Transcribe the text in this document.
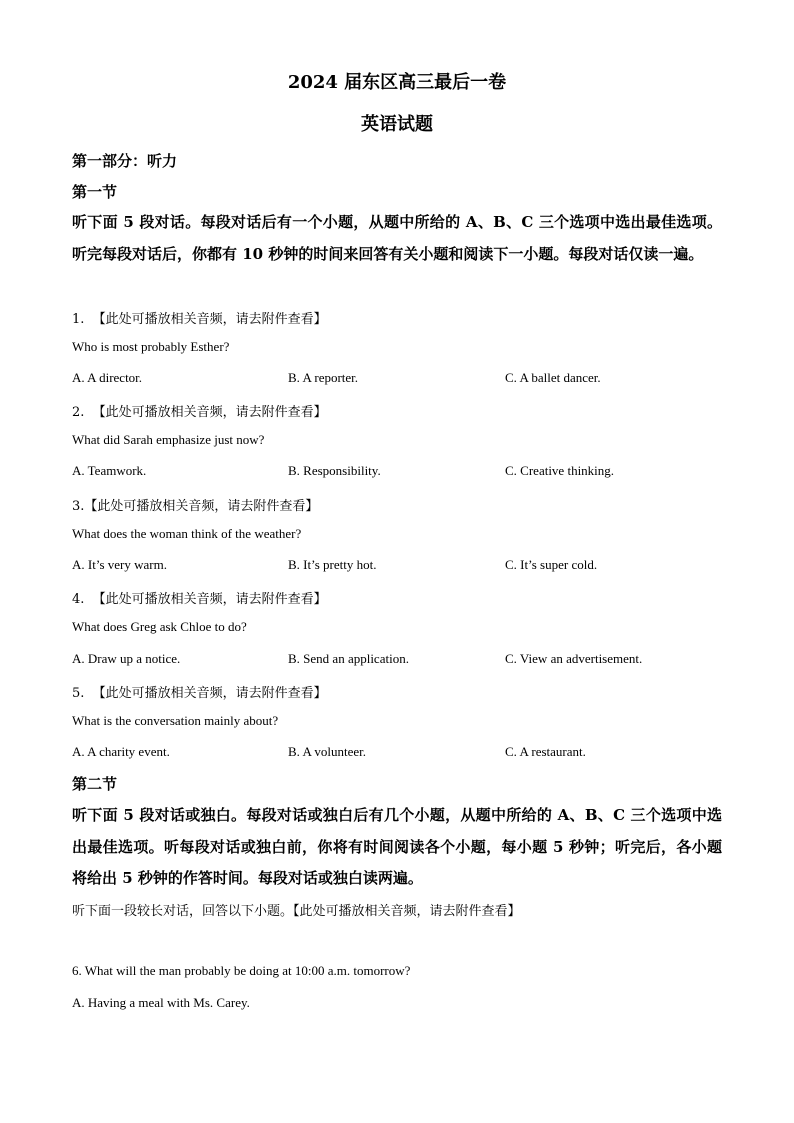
2024 届东区高三最后一卷
英语试题
第一部分：听力
第一节
听下面 5 段对话。每段对话后有一个小题，从题中所给的 A、B、C 三个选项中选出最佳选项。听完每段对话后，你都有 10 秒钟的时间来回答有关小题和阅读下一小题。每段对话仅读一遍。
1. 【此处可播放相关音频，请去附件查看】
Who is most probably Esther?
A. A director.	B. A reporter.	C. A ballet dancer.
2. 【此处可播放相关音频，请去附件查看】
What did Sarah emphasize just now?
A. Teamwork.	B. Responsibility.	C. Creative thinking.
3.【此处可播放相关音频，请去附件查看】
What does the woman think of the weather?
A. It’s very warm.	B. It’s pretty hot.	C. It’s super cold.
4. 【此处可播放相关音频，请去附件查看】
What does Greg ask Chloe to do?
A. Draw up a notice.	B. Send an application.	C. View an advertisement.
5. 【此处可播放相关音频，请去附件查看】
What is the conversation mainly about?
A. A charity event.	B. A volunteer.	C. A restaurant.
第二节
听下面 5 段对话或独白。每段对话或独白后有几个小题，从题中所给的 A、B、C 三个选项中选出最佳选项。听每段对话或独白前，你将有时间阅读各个小题，每小题 5 秒钟；听完后，各小题将给出 5 秒钟的作答时间。每段对话或独白读两遍。
听下面一段较长对话，回答以下小题。【此处可播放相关音频，请去附件查看】
6. What will the man probably be doing at 10:00 a.m. tomorrow?
A. Having a meal with Ms. Carey.
